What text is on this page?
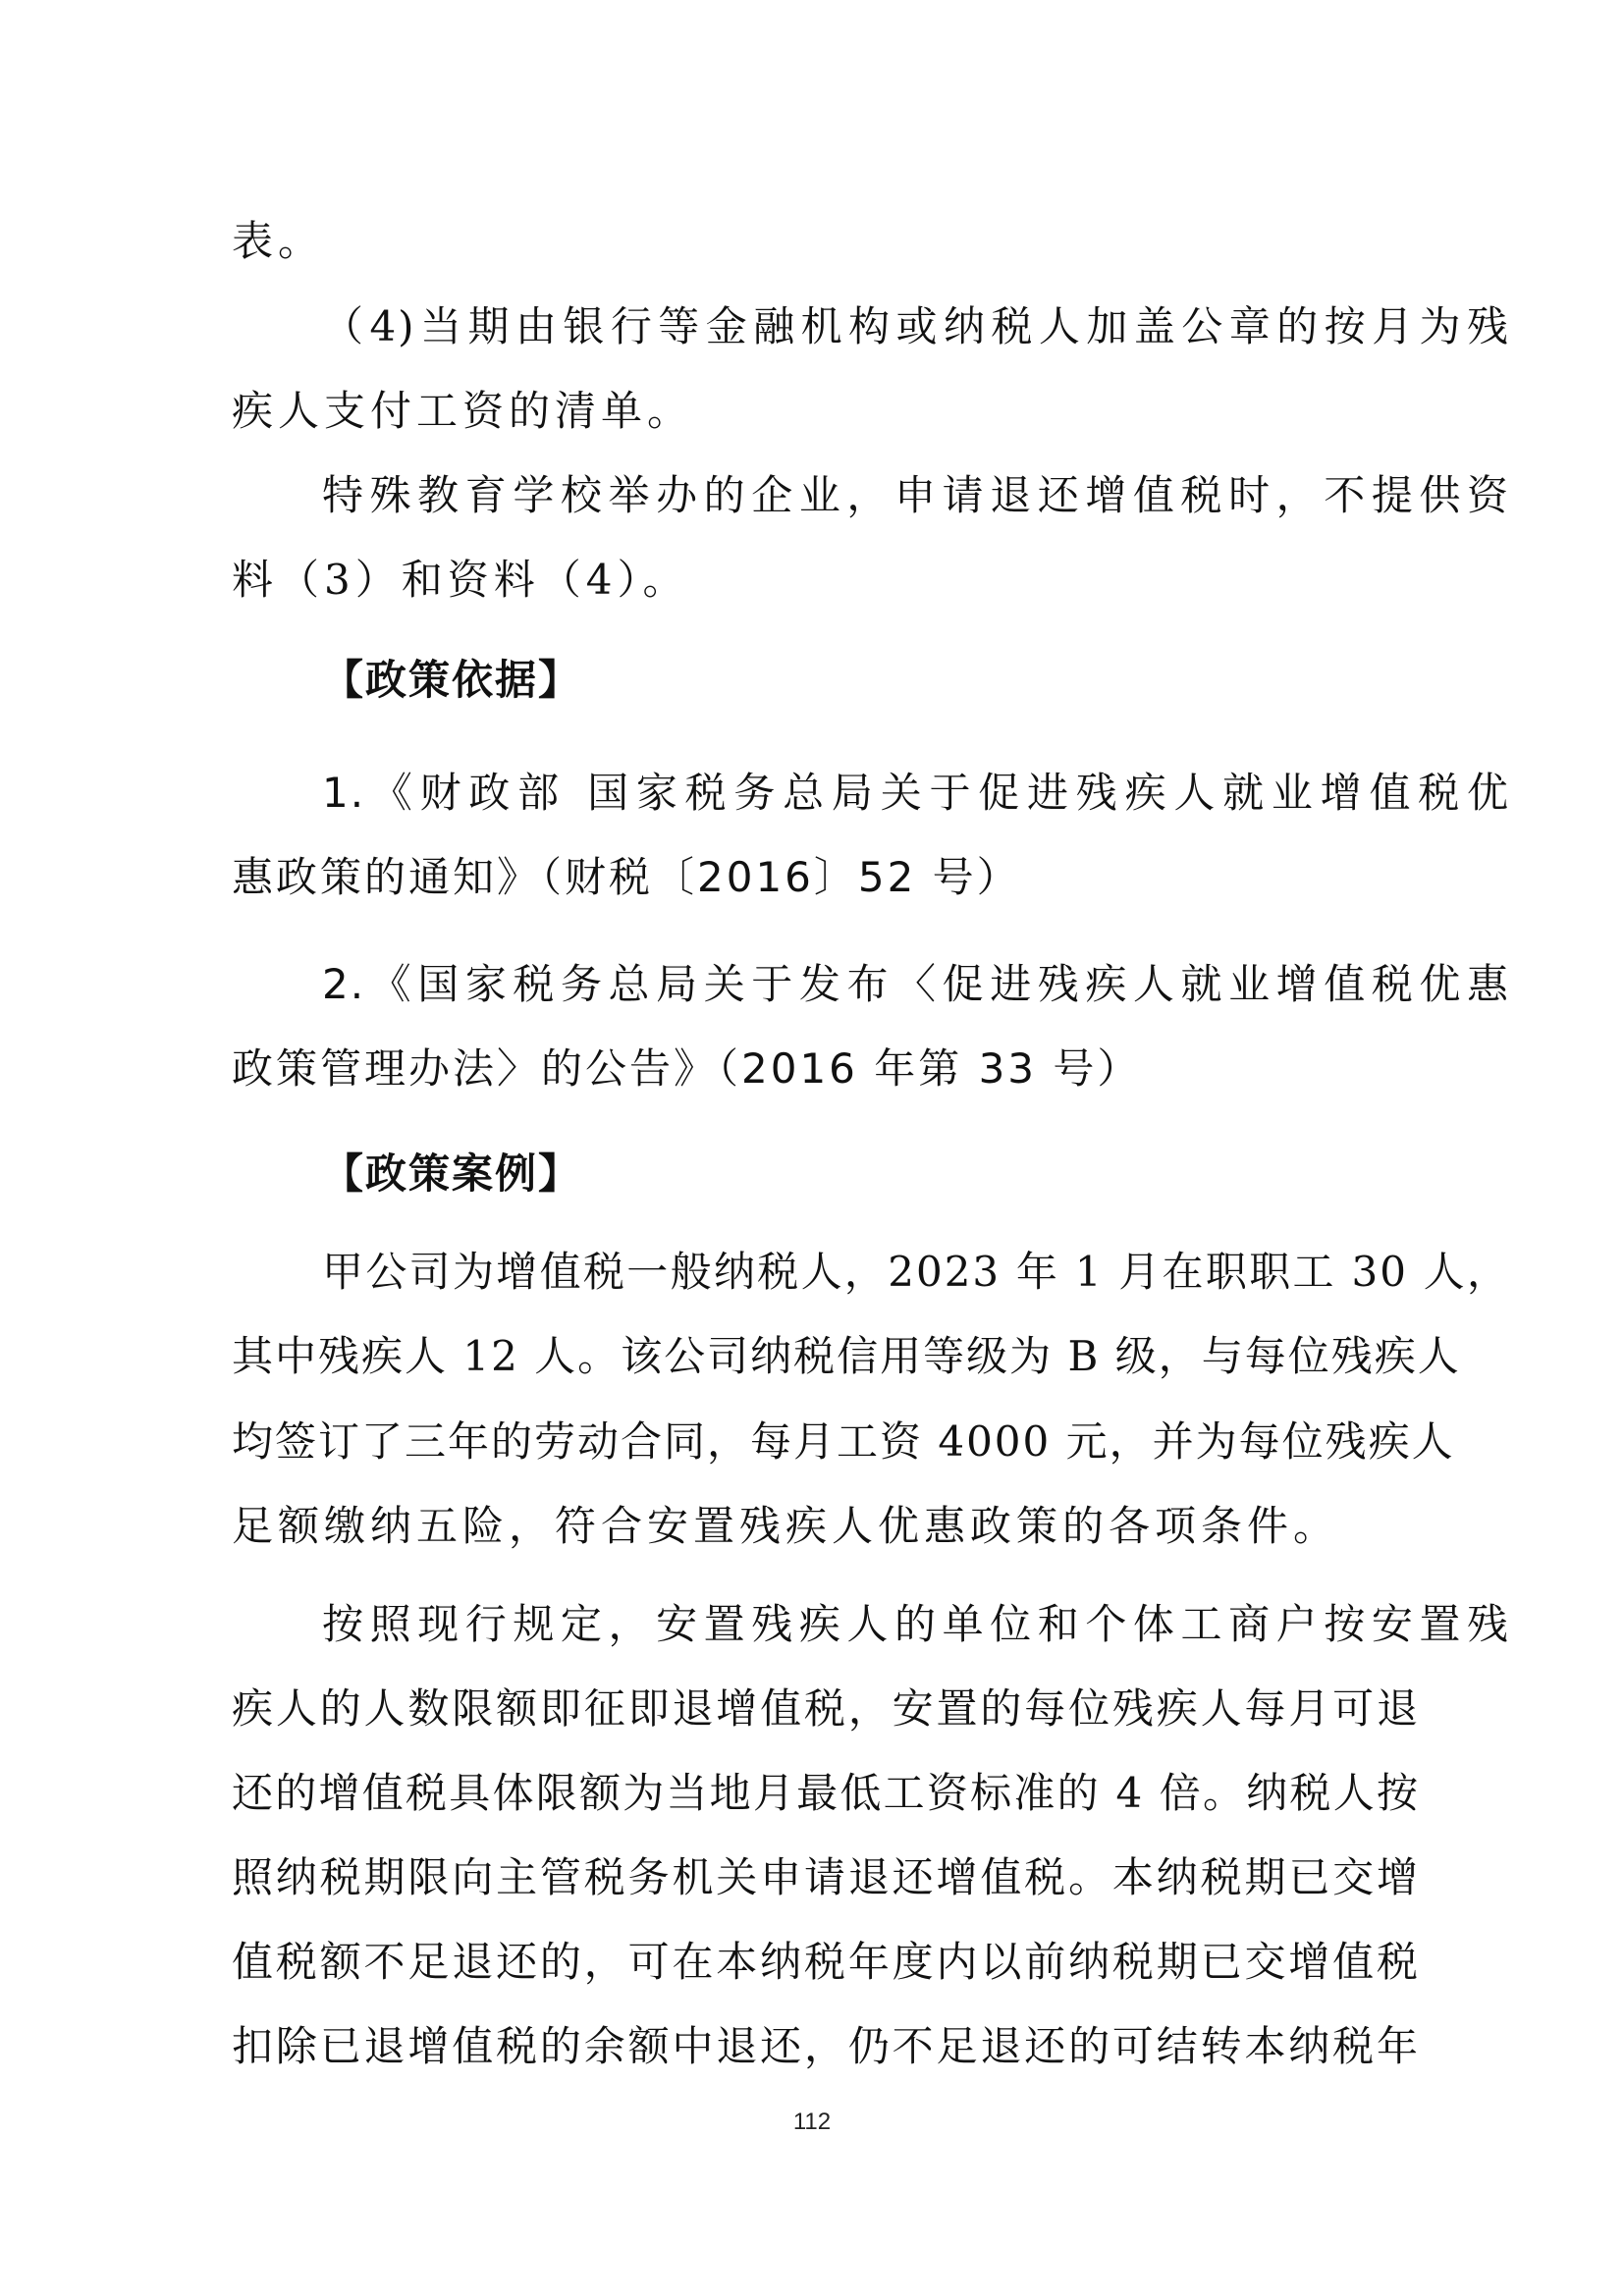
表。
（4)当期由银行等金融机构或纳税人加盖公章的按月为残
疾人支付工资的清单。
特殊教育学校举办的企业，申请退还增值税时，不提供资
料（3）和资料（4）。
【政策依据】
1.《财政部 国家税务总局关于促进残疾人就业增值税优
惠政策的通知》（财税〔2016〕52 号）
2.《国家税务总局关于发布〈促进残疾人就业增值税优惠
政策管理办法〉的公告》（2016 年第 33 号）
【政策案例】
甲公司为增值税一般纳税人，2023 年 1 月在职职工 30 人，
其中残疾人 12 人。该公司纳税信用等级为 B 级，与每位残疾人
均签订了三年的劳动合同，每月工资 4000 元，并为每位残疾人
足额缴纳五险，符合安置残疾人优惠政策的各项条件。
按照现行规定，安置残疾人的单位和个体工商户按安置残
疾人的人数限额即征即退增值税，安置的每位残疾人每月可退
还的增值税具体限额为当地月最低工资标准的 4 倍。纳税人按
照纳税期限向主管税务机关申请退还增值税。本纳税期已交增
值税额不足退还的，可在本纳税年度内以前纳税期已交增值税
扣除已退增值税的余额中退还，仍不足退还的可结转本纳税年
112
